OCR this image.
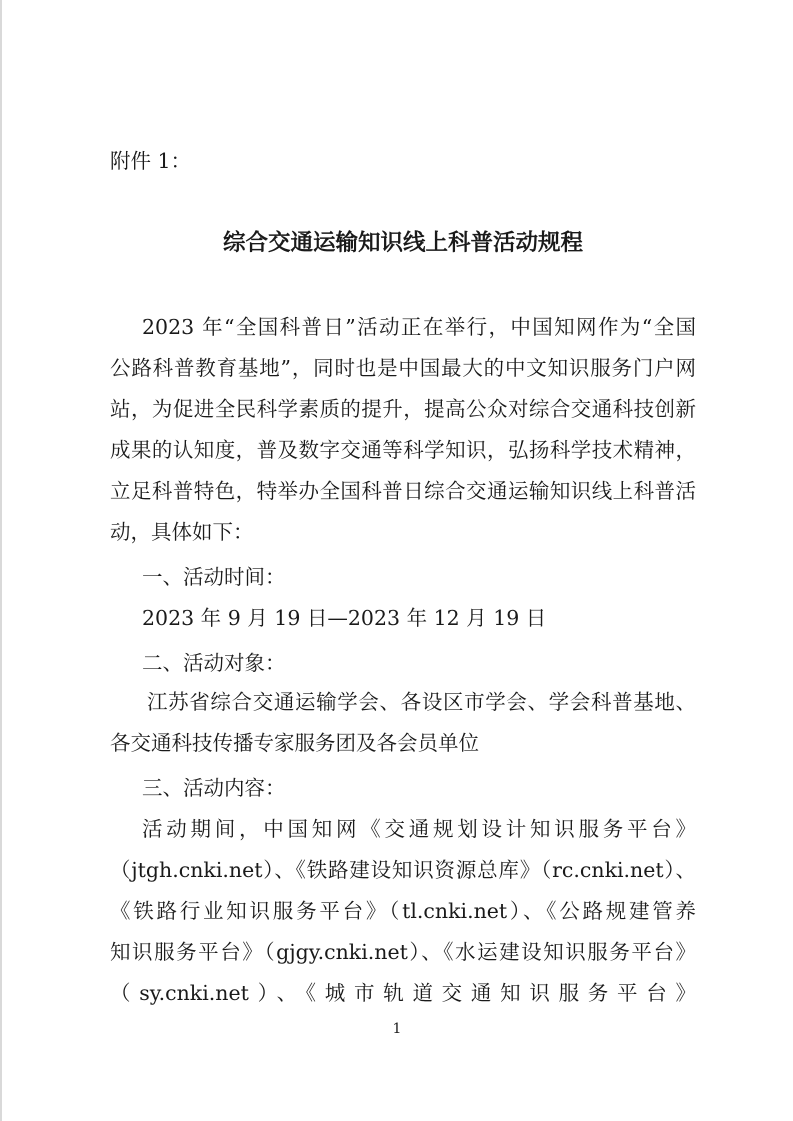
附件 1：
综合交通运输知识线上科普活动规程
2023 年“全国科普日”活动正在举行，中国知网作为“全国
公路科普教育基地”，同时也是中国最大的中文知识服务门户网
站，为促进全民科学素质的提升，提高公众对综合交通科技创新
成果的认知度，普及数字交通等科学知识，弘扬科学技术精神，
立足科普特色，特举办全国科普日综合交通运输知识线上科普活
动，具体如下：
一、活动时间：
2023 年 9 月 19 日—2023 年 12 月 19 日
二、活动对象：
江苏省综合交通运输学会、各设区市学会、学会科普基地、
各交通科技传播专家服务团及各会员单位
三、活动内容：
活动期间，中国知网《交通规划设计知识服务平台》
（jtgh.cnki.net）、《铁路建设知识资源总库》（rc.cnki.net）、
《铁路行业知识服务平台》（tl.cnki.net）、《公路规建管养
知识服务平台》（gjgy.cnki.net）、《水运建设知识服务平台》
（sy.cnki.net）、《城市轨道交通知识服务平台》
1
